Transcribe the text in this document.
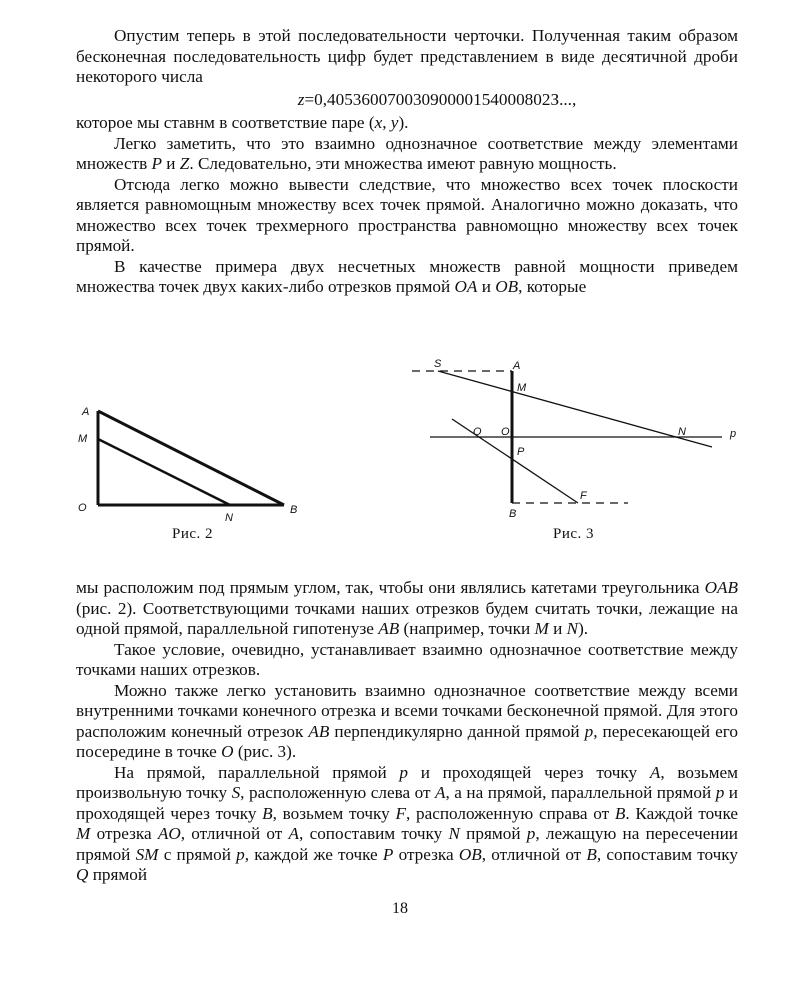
Опустим теперь в этой последовательности черточки. Полученная таким образом бесконечная последовательность цифр будет представлением в виде десятичной дроби некоторого числа

z=0,40536007003090000154000802З...,

которое мы ставнм в соответствие паре (x, y).

Легко заметить, что это взаимно однозначное соответствие между элементами множеств P и Z. Следовательно, эти множества имеют равную мощность.

Отсюда легко можно вывести следствие, что множество всех точек плоскости является равномощным множеству всех точек прямой. Аналогично можно доказать, что множество всех точек трехмерного пространства равномощно множеству всех точек прямой.

В качестве примера двух несчетных множеств равной мощности приведем множества точек двух каких-либо отрезков прямой OA и OB, которые

A
M
O
N
B
Рис. 2
S	A
M
Q O	N	p
P
F
B
Рис. 3

мы расположим под прямым углом, так, чтобы они являлись катетами треугольника OAB (рис. 2). Соответствующими точками наших отрезков будем считать точки, лежащие на одной прямой, параллельной гипотенузе AB (например, точки M и N).

Такое условие, очевидно, устанавливает взаимно однозначное соответствие между точками наших отрезков.

Можно также легко установить взаимно однозначное соответствие между всеми внутренними точками конечного отрезка и всеми точками бесконечной прямой. Для этого расположим конечный отрезок AB перпендикулярно данной прямой p, пересекающей его посередине в точке O (рис. 3).

На прямой, параллельной прямой p и проходящей через точку A, возьмем произвольную точку S, расположенную слева от A, а на прямой, параллельной прямой p и проходящей через точку B, возьмем точку F, расположенную справа от B. Каждой точке M отрезка AO, отличной от A, сопоставим точку N прямой p, лежащую на пересечении прямой SM с прямой p, каждой же точке P отрезка OB, отличной от B, сопоставим точку Q прямой

18
